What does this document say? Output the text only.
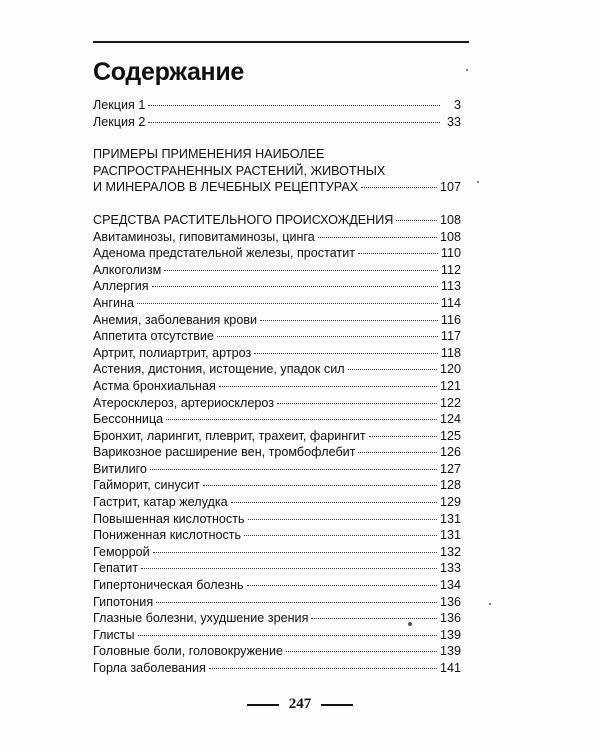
Содержание
Лекция 1	3
Лекция 2	33
ПРИМЕРЫ ПРИМЕНЕНИЯ НАИБОЛЕЕ
РАСПРОСТРАНЕННЫХ РАСТЕНИЙ, ЖИВОТНЫХ
И МИНЕРАЛОВ В ЛЕЧЕБНЫХ РЕЦЕПТУРАХ	107
СРЕДСТВА РАСТИТЕЛЬНОГО ПРОИСХОЖДЕНИЯ	108
Авитаминозы, гиповитаминозы, цинга	108
Аденома предстательной железы, простатит	110
Алкоголизм	112
Аллергия	113
Ангина	114
Анемия, заболевания крови	116
Аппетита отсутствие	117
Артрит, полиартрит, артроз	118
Астения, дистония, истощение, упадок сил	120
Астма бронхиальная	121
Атеросклероз, артериосклероз	122
Бессонница	124
Бронхит, ларингит, плеврит, трахеит, фарингит	125
Варикозное расширение вен, тромбофлебит	126
Витилиго	127
Гайморит, синусит	128
Гастрит, катар желудка	129
Повышенная кислотность	131
Пониженная кислотность	131
Геморрой	132
Гепатит	133
Гипертоническая болезнь	134
Гипотония	136
Глазные болезни, ухудшение зрения	136
Глисты	139
Головные боли, головокружение	139
Горла заболевания	141
247
